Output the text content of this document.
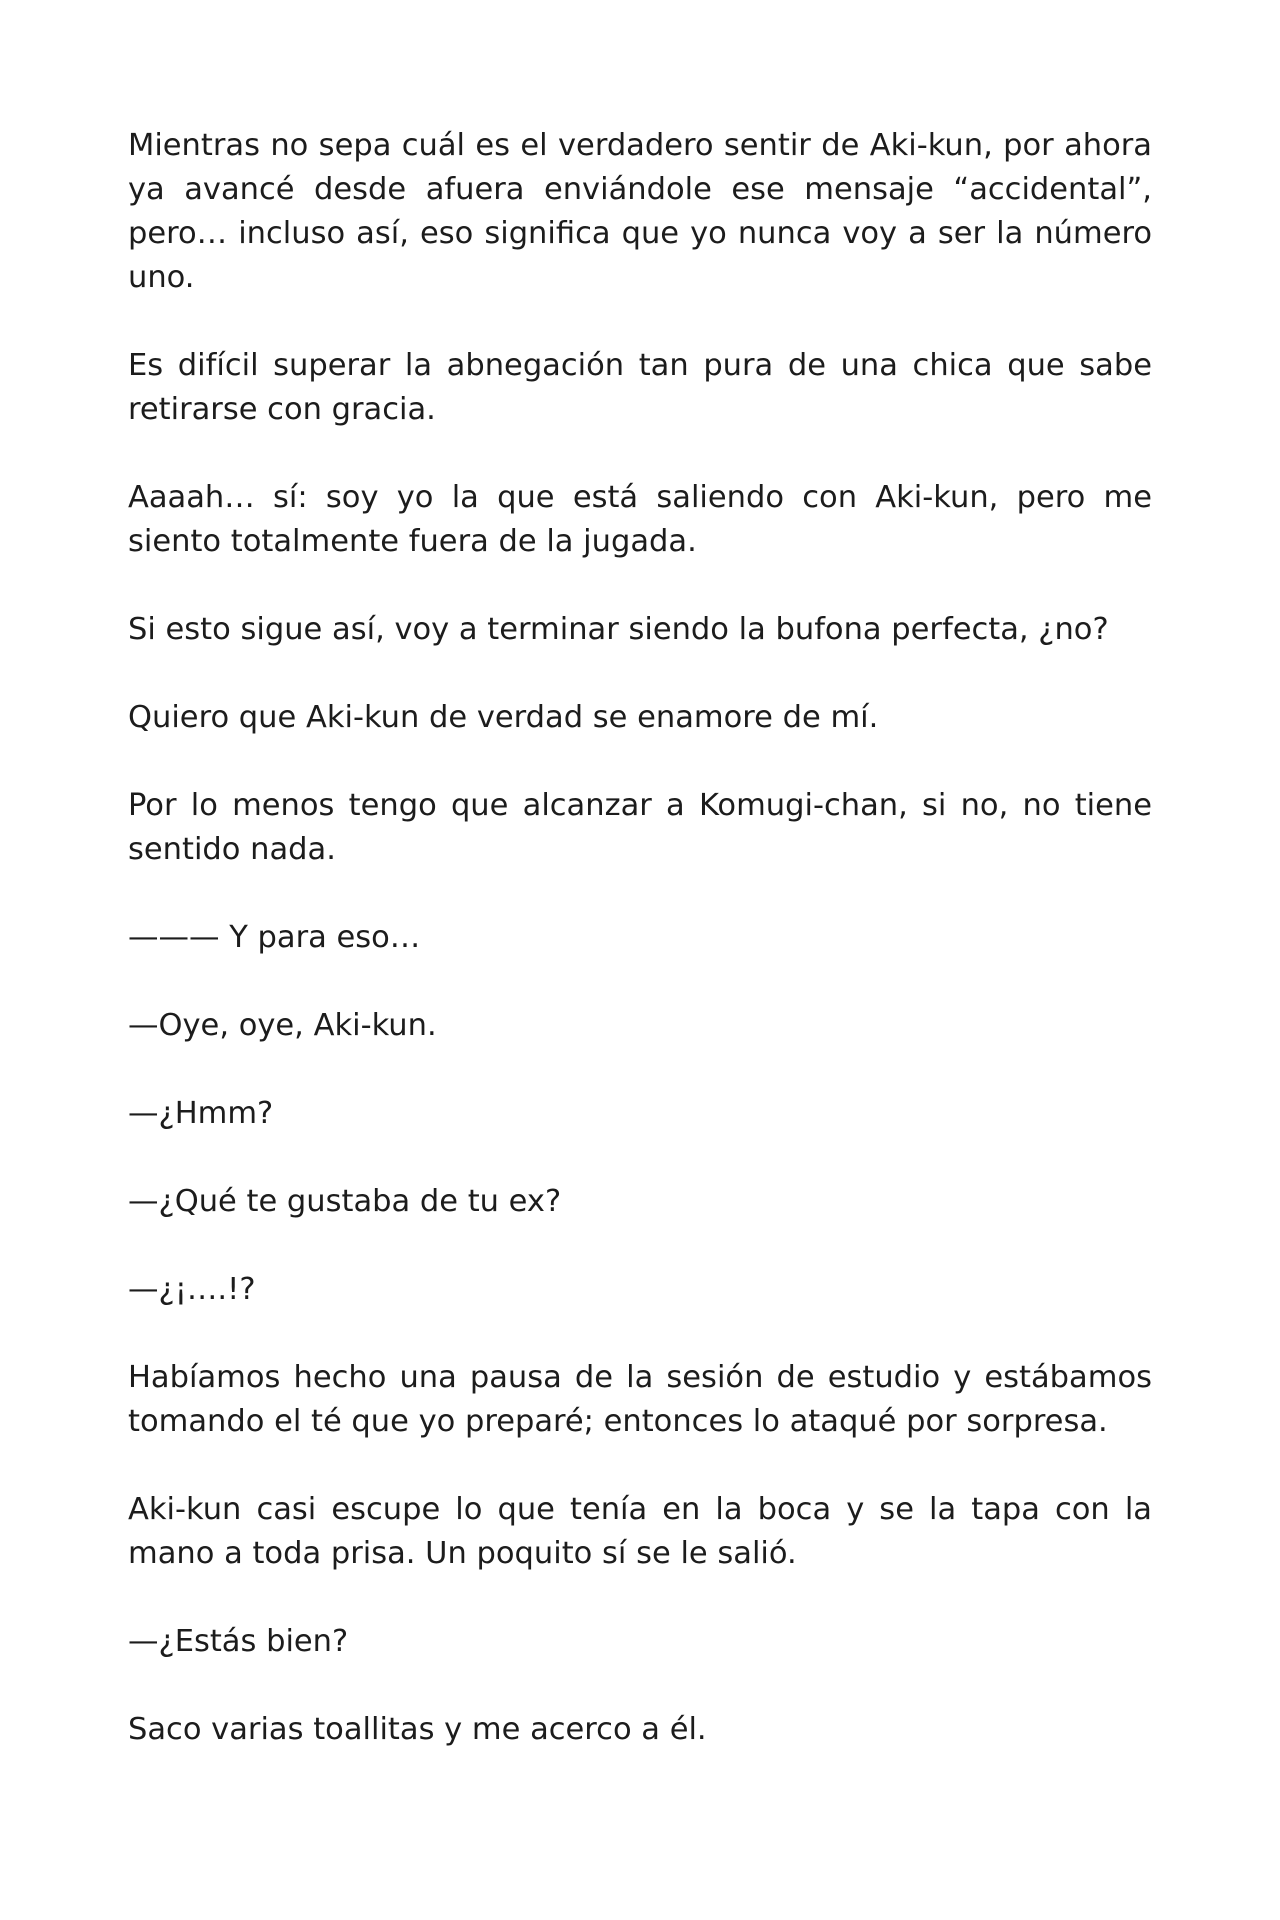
Mientras no sepa cuál es el verdadero sentir de Aki-kun, por ahora ya avancé desde afuera enviándole ese mensaje “accidental”, pero… incluso así, eso significa que yo nunca voy a ser la número uno.

Es difícil superar la abnegación tan pura de una chica que sabe retirarse con gracia.

Aaaah… sí: soy yo la que está saliendo con Aki-kun, pero me siento totalmente fuera de la jugada.

Si esto sigue así, voy a terminar siendo la bufona perfecta, ¿no?

Quiero que Aki-kun de verdad se enamore de mí.

Por lo menos tengo que alcanzar a Komugi-chan, si no, no tiene sentido nada.

——— Y para eso…

—Oye, oye, Aki-kun.

—¿Hmm?

—¿Qué te gustaba de tu ex?

—¿¡….!?

Habíamos hecho una pausa de la sesión de estudio y estábamos tomando el té que yo preparé; entonces lo ataqué por sorpresa.

Aki-kun casi escupe lo que tenía en la boca y se la tapa con la mano a toda prisa. Un poquito sí se le salió.

—¿Estás bien?

Saco varias toallitas y me acerco a él.
